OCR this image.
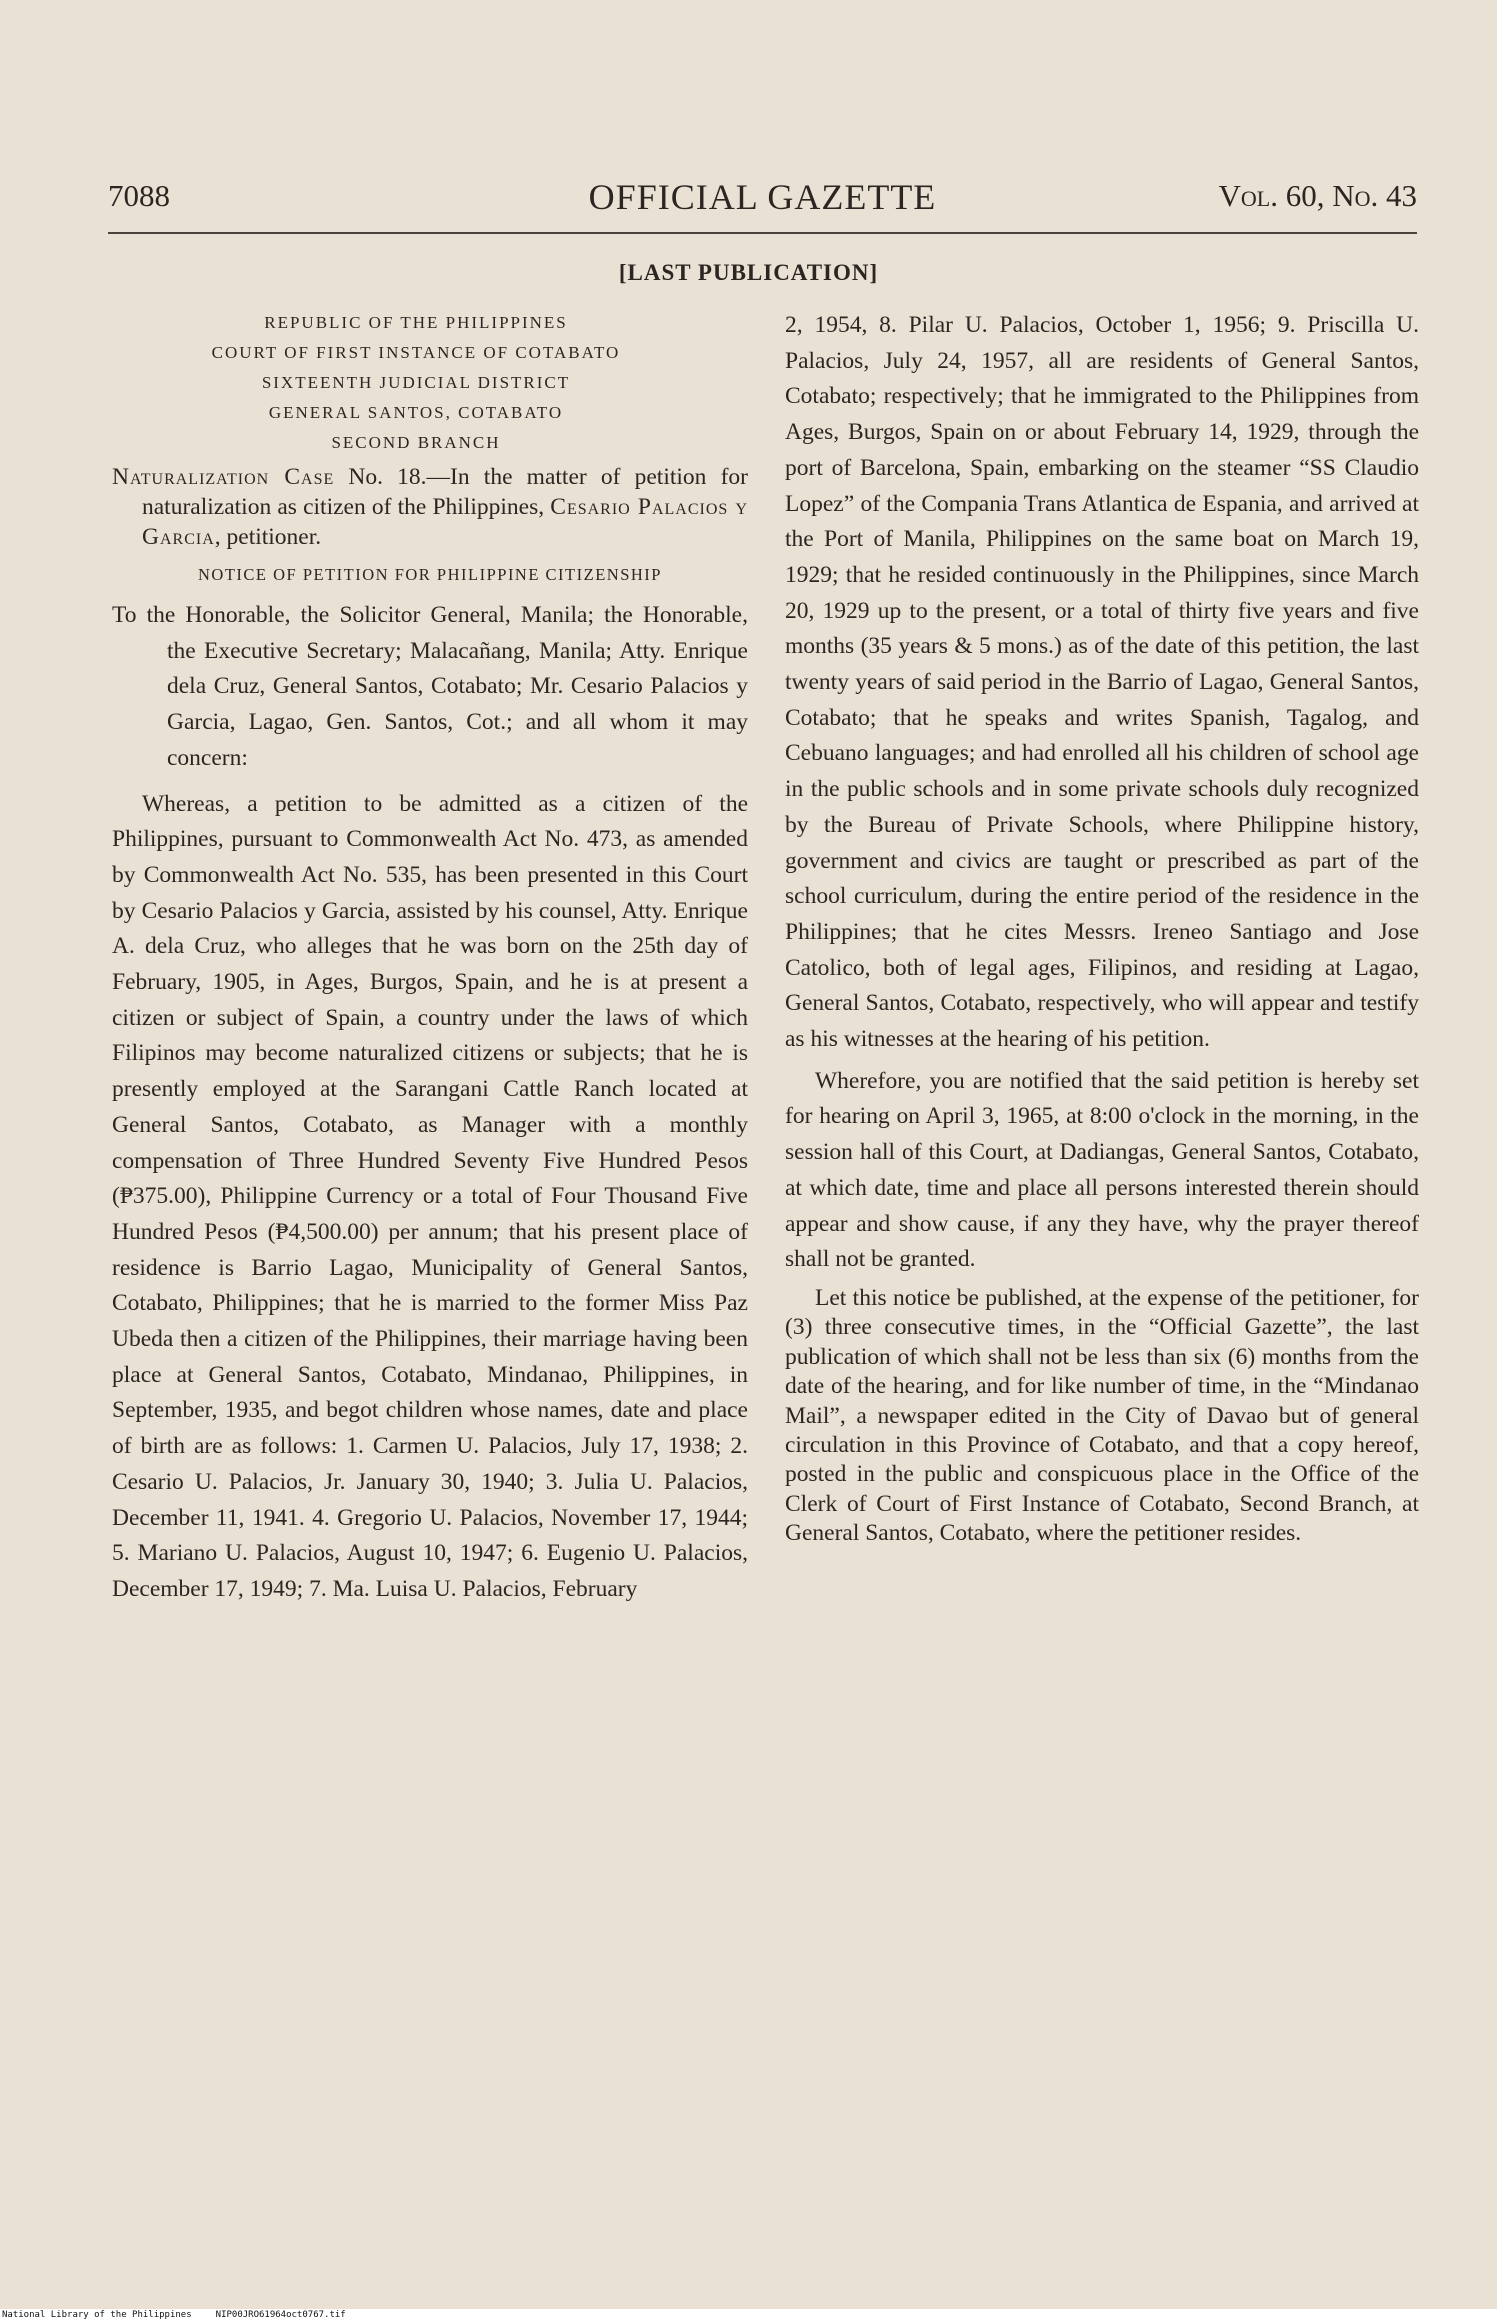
7088	OFFICIAL GAZETTE	Vol. 60, No. 43
[LAST PUBLICATION]
REPUBLIC OF THE PHILIPPINES
COURT OF FIRST INSTANCE OF COTABATO
SIXTEENTH JUDICIAL DISTRICT
GENERAL SANTOS, COTABATO
SECOND BRANCH
Naturalization Case No. 18.—In the matter of petition for naturalization as citizen of the Philippines, Cesario Palacios y Garcia, petitioner.
NOTICE OF PETITION FOR PHILIPPINE CITIZENSHIP
To the Honorable, the Solicitor General, Manila; the Honorable, the Executive Secretary; Malacañang, Manila; Atty. Enrique dela Cruz, General Santos, Cotabato; Mr. Cesario Palacios y Garcia, Lagao, Gen. Santos, Cot.; and all whom it may concern:

Whereas, a petition to be admitted as a citizen of the Philippines, pursuant to Commonwealth Act No. 473, as amended by Commonwealth Act No. 535, has been presented in this Court by Cesario Palacios y Garcia, assisted by his counsel, Atty. Enrique A. dela Cruz, who alleges that he was born on the 25th day of February, 1905, in Ages, Burgos, Spain, and he is at present a citizen or subject of Spain, a country under the laws of which Filipinos may become naturalized citizens or subjects; that he is presently employed at the Sarangani Cattle Ranch located at General Santos, Cotabato, as Manager with a monthly compensation of Three Hundred Seventy Five Hundred Pesos (₱375.00), Philippine Currency or a total of Four Thousand Five Hundred Pesos (₱4,500.00) per annum; that his present place of residence is Barrio Lagao, Municipality of General Santos, Cotabato, Philippines; that he is married to the former Miss Paz Ubeda then a citizen of the Philippines, their marriage having been place at General Santos, Cotabato, Mindanao, Philippines, in September, 1935, and begot children whose names, date and place of birth are as follows: 1. Carmen U. Palacios, July 17, 1938; 2. Cesario U. Palacios, Jr. January 30, 1940; 3. Julia U. Palacios, December 11, 1941. 4. Gregorio U. Palacios, November 17, 1944; 5. Mariano U. Palacios, August 10, 1947; 6. Eugenio U. Palacios, December 17, 1949; 7. Ma. Luisa U. Palacios, February

2, 1954, 8. Pilar U. Palacios, October 1, 1956; 9. Priscilla U. Palacios, July 24, 1957, all are residents of General Santos, Cotabato; respectively; that he immigrated to the Philippines from Ages, Burgos, Spain on or about February 14, 1929, through the port of Barcelona, Spain, embarking on the steamer “SS Claudio Lopez” of the Compania Trans Atlantica de Espania, and arrived at the Port of Manila, Philippines on the same boat on March 19, 1929; that he resided continuously in the Philippines, since March 20, 1929 up to the present, or a total of thirty five years and five months (35 years & 5 mons.) as of the date of this petition, the last twenty years of said period in the Barrio of Lagao, General Santos, Cotabato; that he speaks and writes Spanish, Tagalog, and Cebuano languages; and had enrolled all his children of school age in the public schools and in some private schools duly recognized by the Bureau of Private Schools, where Philippine history, government and civics are taught or prescribed as part of the school curriculum, during the entire period of the residence in the Philippines; that he cites Messrs. Ireneo Santiago and Jose Catolico, both of legal ages, Filipinos, and residing at Lagao, General Santos, Cotabato, respectively, who will appear and testify as his witnesses at the hearing of his petition.

Wherefore, you are notified that the said petition is hereby set for hearing on April 3, 1965, at 8:00 o'clock in the morning, in the session hall of this Court, at Dadiangas, General Santos, Cotabato, at which date, time and place all persons interested therein should appear and show cause, if any they have, why the prayer thereof shall not be granted.

Let this notice be published, at the expense of the petitioner, for (3) three consecutive times, in the “Official Gazette”, the last publication of which shall not be less than six (6) months from the date of the hearing, and for like number of time, in the “Mindanao Mail”, a newspaper edited in the City of Davao but of general circulation in this Province of Cotabato, and that a copy hereof, posted in the public and conspicuous place in the Office of the Clerk of Court of First Instance of Cotabato, Second Branch, at General Santos, Cotabato, where the petitioner resides.

National Library of the Philippines	NIP00JRO61964oct0767.tif
